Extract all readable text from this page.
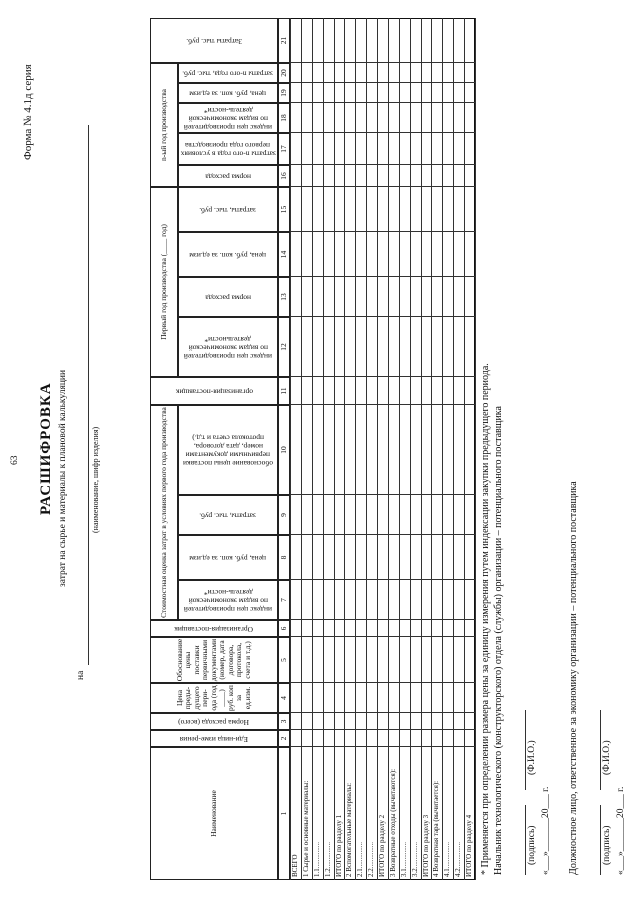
63
Форма № 4.1д серия
РАСШИФРОВКА затрат на сырье и материалы к плановой калькуляции
на
(наименование, шифр изделия)
Наименование
Еди-ница изме-рения
Норма расхода (всего)
Цена преды-дущего пери-ода (год ____) руб. коп за ед.изм.
Обоснование цены поставки первичными документами (номер, дата договора, протокола, счета и т.д.)
Организация-поставщик
Стоимостная оценка затрат в условиях первого года производства	индекс цен производителей по видам экономической деятель-ности*
цена, руб. коп. за ед.изм
затраты, тыс. руб.
обоснование цены поставки первичными документами номер, дата договора, протокола счета и т.д.)
организация-поставщик
Первый год производства (____ год)
индекс цен производителей по видам экономической деятельности*
норма расхода
цена, руб. коп. за ед.изм
затраты, тыс. руб.
n-ый год производства
норма расхода
затраты n-ого года в условиях первого года производства
индекс цен производителей по видам экономической деятель-ности*
цена, руб. коп. за ед.изм
затраты n-ого года, тыс. руб.
Затраты тыс. руб.
1
2
3
4
5
6
7
8
9
10
11
12
13
14
15
16
17
18
19
20
21
ВСЕГО 1 Сырье и основные материалы: 1.1............... 1.2............... ИТОГО по разделу 1 2 Вспомогательные материалы: 2.1............... 2.2............... ИТОГО по разделу 2 3 Возвратные отходы (вычитаются): 3.1............... 3.2............... ИТОГО по разделу 3 4 Возвратная тара (вычитается): 4.1............... 4.2............... ИТОГО по разделу 4 * Применяется при определении размера цены за единицу измерения путем индексации закупки предыдущего периода. Начальник технологического (конструкторского) отдела (службы) организации – потенциального поставщика (подпись)
(Ф.И.О.)
«___»_______20___ г. Должностное лицо, ответственное за экономику организации – потенциального поставщика (подпись)
(Ф.И.О.)
«___»_______20___ г.
